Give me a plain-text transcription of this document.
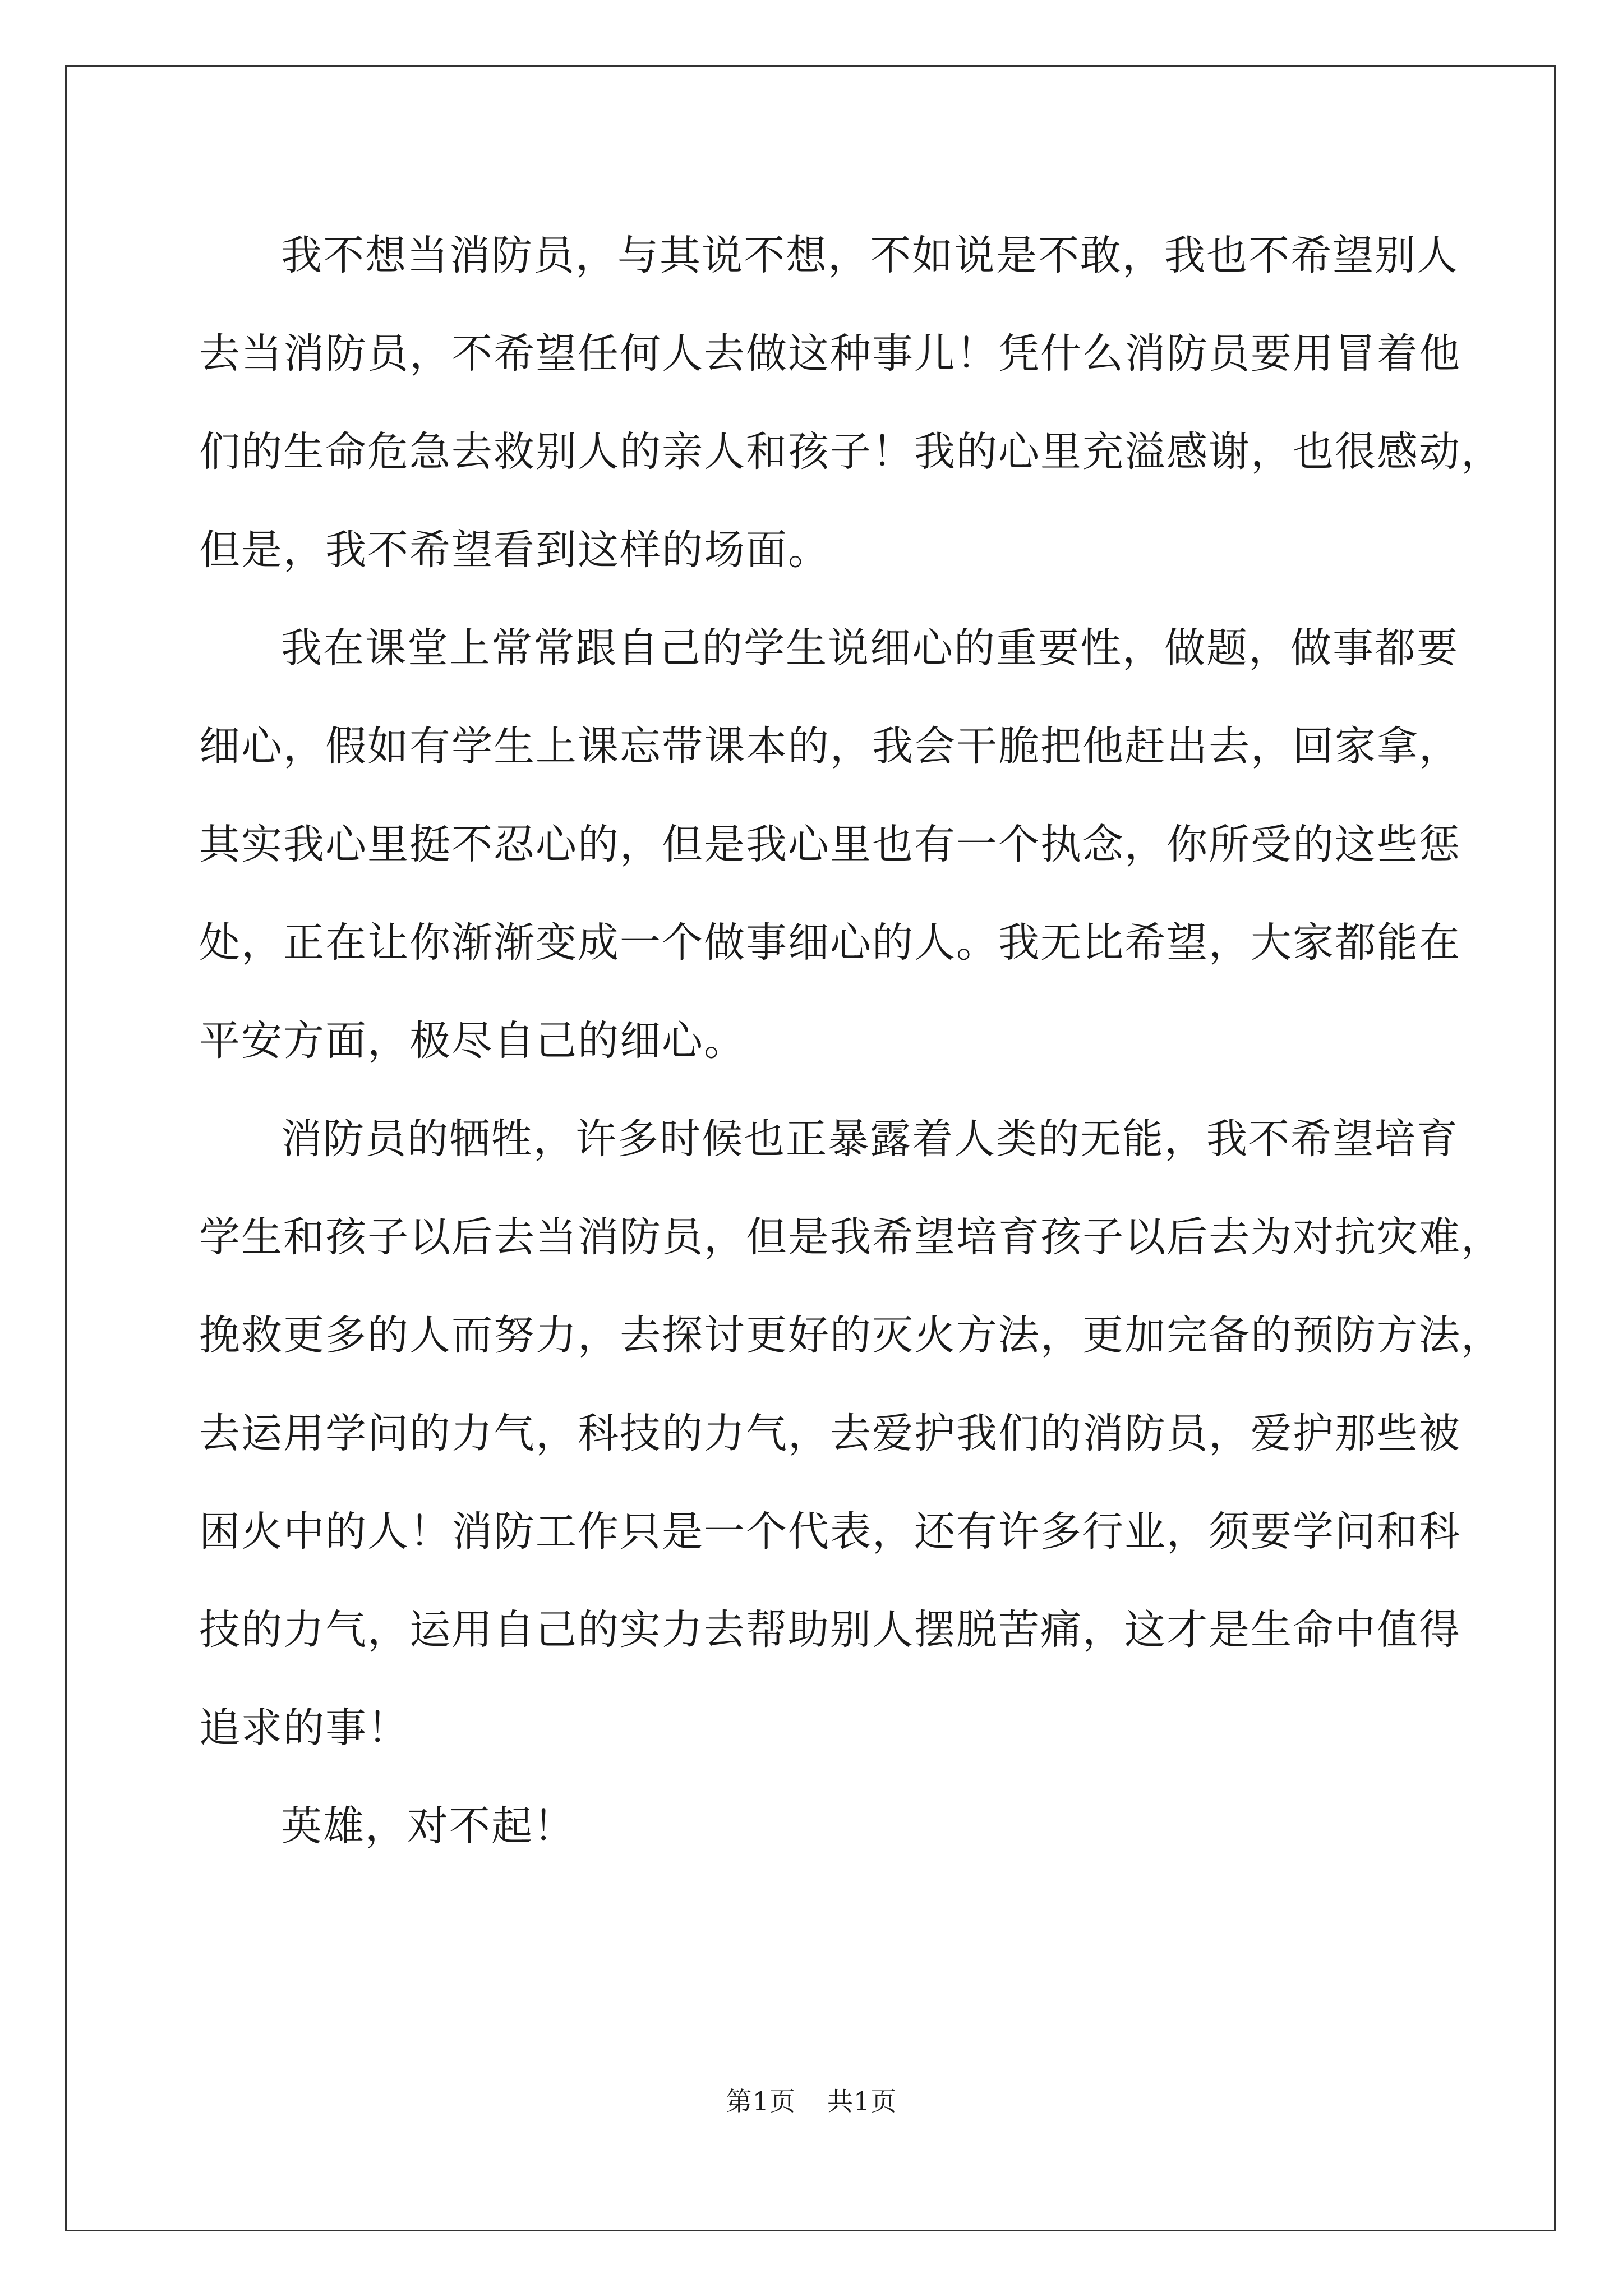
我不想当消防员，与其说不想，不如说是不敢，我也不希望别人
去当消防员，不希望任何人去做这种事儿！凭什么消防员要用冒着他
们的生命危急去救别人的亲人和孩子！我的心里充溢感谢，也很感动，
但是，我不希望看到这样的场面。
我在课堂上常常跟自己的学生说细心的重要性，做题，做事都要
细心，假如有学生上课忘带课本的，我会干脆把他赶出去，回家拿，
其实我心里挺不忍心的，但是我心里也有一个执念，你所受的这些惩
处，正在让你渐渐变成一个做事细心的人。我无比希望，大家都能在
平安方面，极尽自己的细心。
消防员的牺牲，许多时候也正暴露着人类的无能，我不希望培育
学生和孩子以后去当消防员，但是我希望培育孩子以后去为对抗灾难，
挽救更多的人而努力，去探讨更好的灭火方法，更加完备的预防方法，
去运用学问的力气，科技的力气，去爱护我们的消防员，爱护那些被
困火中的人！消防工作只是一个代表，还有许多行业，须要学问和科
技的力气，运用自己的实力去帮助别人摆脱苦痛，这才是生命中值得
追求的事！
英雄，对不起！
第1页 共1页
